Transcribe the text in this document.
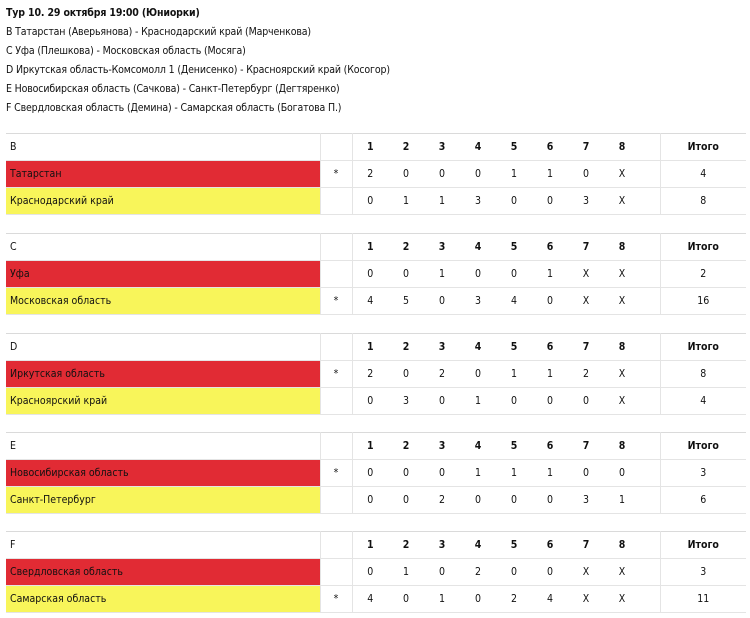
Тур 10. 29 октября 19:00 (Юниорки)
B Татарстан (Аверьянова) - Краснодарский край (Марченкова)
C Уфа (Плешкова) - Московская область (Мосяга)
D Иркутская область-Комсомолл 1 (Денисенко) - Красноярский край (Косогор)
E Новосибирская область (Сачкова) - Санкт-Петербург (Дегтяренко)
F Свердловская область (Демина) - Самарская область (Богатова П.)
B		1	2	3	4	5	6	7	8		Итого
Татарстан	*	2	0	0	0	1	1	0	X		4
Краснодарский край		0	1	1	3	0	0	3	X		8
C		1	2	3	4	5	6	7	8		Итого
Уфа		0	0	1	0	0	1	X	X		2
Московская область	*	4	5	0	3	4	0	X	X		16
D		1	2	3	4	5	6	7	8		Итого
Иркутская область	*	2	0	2	0	1	1	2	X		8
Красноярский край		0	3	0	1	0	0	0	X		4
E		1	2	3	4	5	6	7	8		Итого
Новосибирская область	*	0	0	0	1	1	1	0	0		3
Санкт-Петербург		0	0	2	0	0	0	3	1		6
F		1	2	3	4	5	6	7	8		Итого
Свердловская область		0	1	0	2	0	0	X	X		3
Самарская область	*	4	0	1	0	2	4	X	X		11
